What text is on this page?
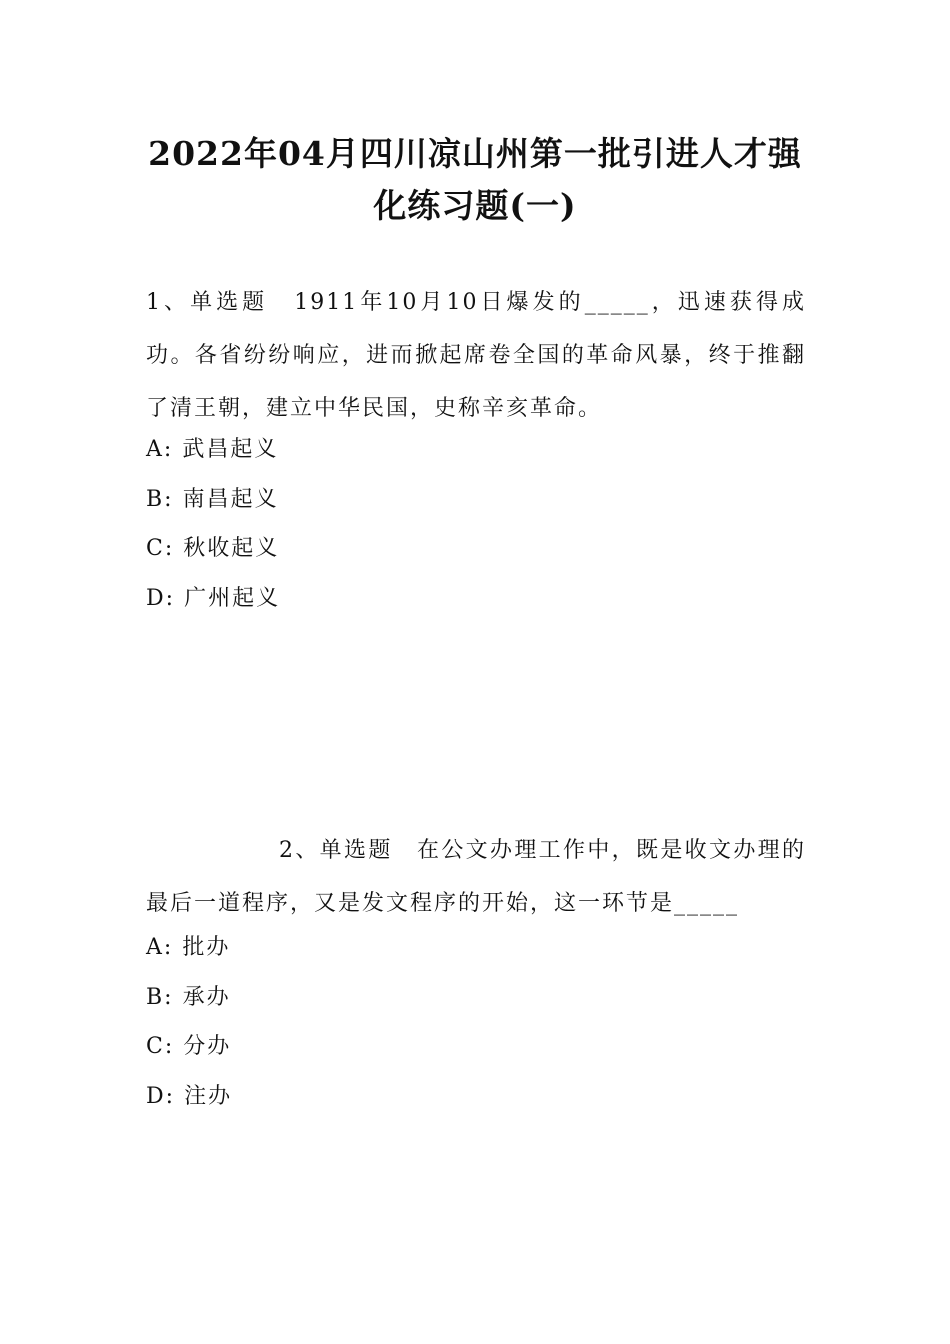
2022年04月四川凉山州第一批引进人才强化练习题(一)
1、单选题　 1911年10月10日爆发的_____，迅速获得成功。各省纷纷响应，进而掀起席卷全国的革命风暴，终于推翻了清王朝，建立中华民国，史称辛亥革命。
A: 武昌起义
B: 南昌起义
C: 秋收起义
D: 广州起义
2、单选题　 在公文办理工作中，既是收文办理的最后一道程序，又是发文程序的开始，这一环节是_____
A: 批办
B: 承办
C: 分办
D: 注办
